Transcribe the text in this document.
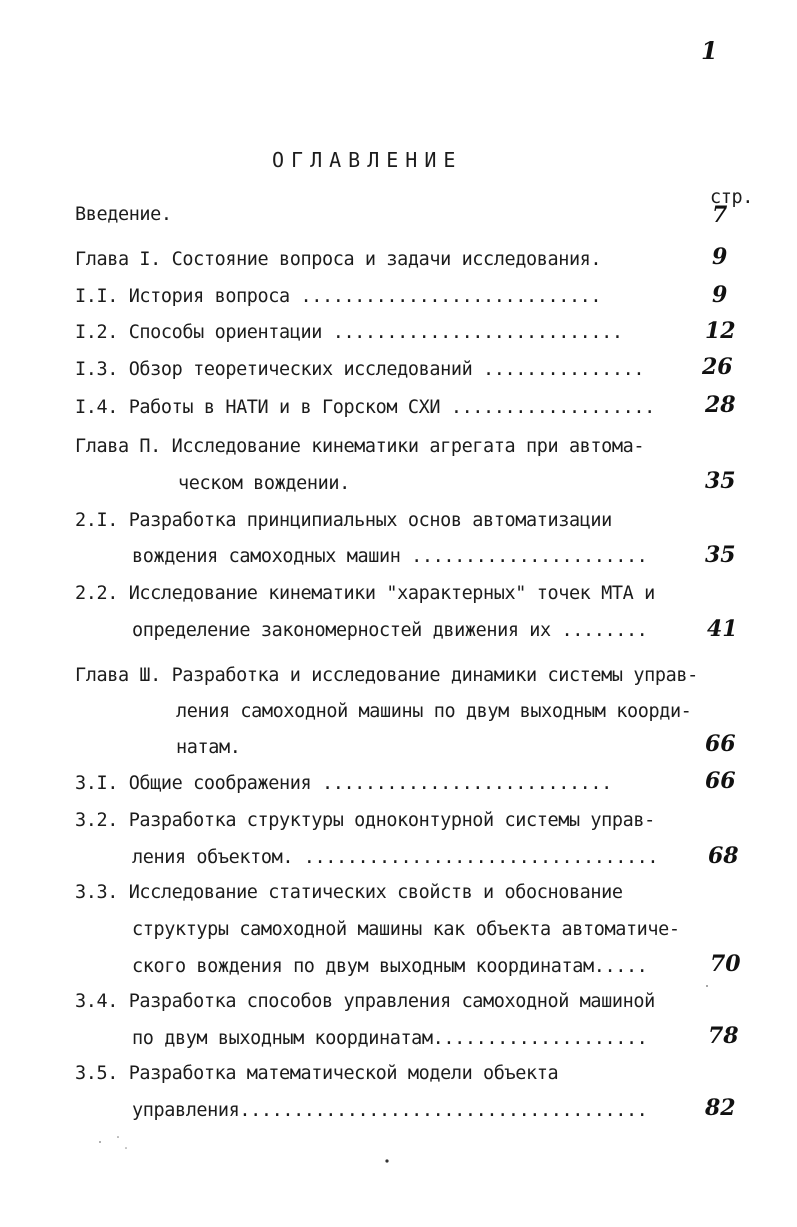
1
ОГЛАВЛЕНИЕ
стр.
Введение.	7
Глава I. Состояние вопроса и задачи исследования.	9
I.I. История вопроса ............................	9
I.2. Способы ориентации ...........................	12
I.3. Обзор теоретических исследований ...............	26
I.4. Работы в НАТИ и в Горском СХИ ................... 28
Глава П. Исследование кинематики агрегата при автома-
ческом вождении.	35
2.I. Разработка принципиальных основ автоматизации
вождения самоходных машин ......................	35
2.2. Исследование кинематики "характерных" точек МТА и
определение закономерностей движения их ........	41
Глава Ш. Разработка и исследование динамики системы управ-
ления самоходной машины по двум выходным коорди-
натам.	66
3.I. Общие соображения ...........................	66
3.2. Разработка структуры одноконтурной системы управ-
ления объектом. ................................. 68
3.3. Исследование статических свойств и обоснование
структуры самоходной машины как объекта автоматиче-
ского вождения по двум выходным координатам.....	70
3.4. Разработка способов управления самоходной машиной
по двум выходным координатам....................	78
3.5. Разработка математической модели объекта
управления......................................	82
